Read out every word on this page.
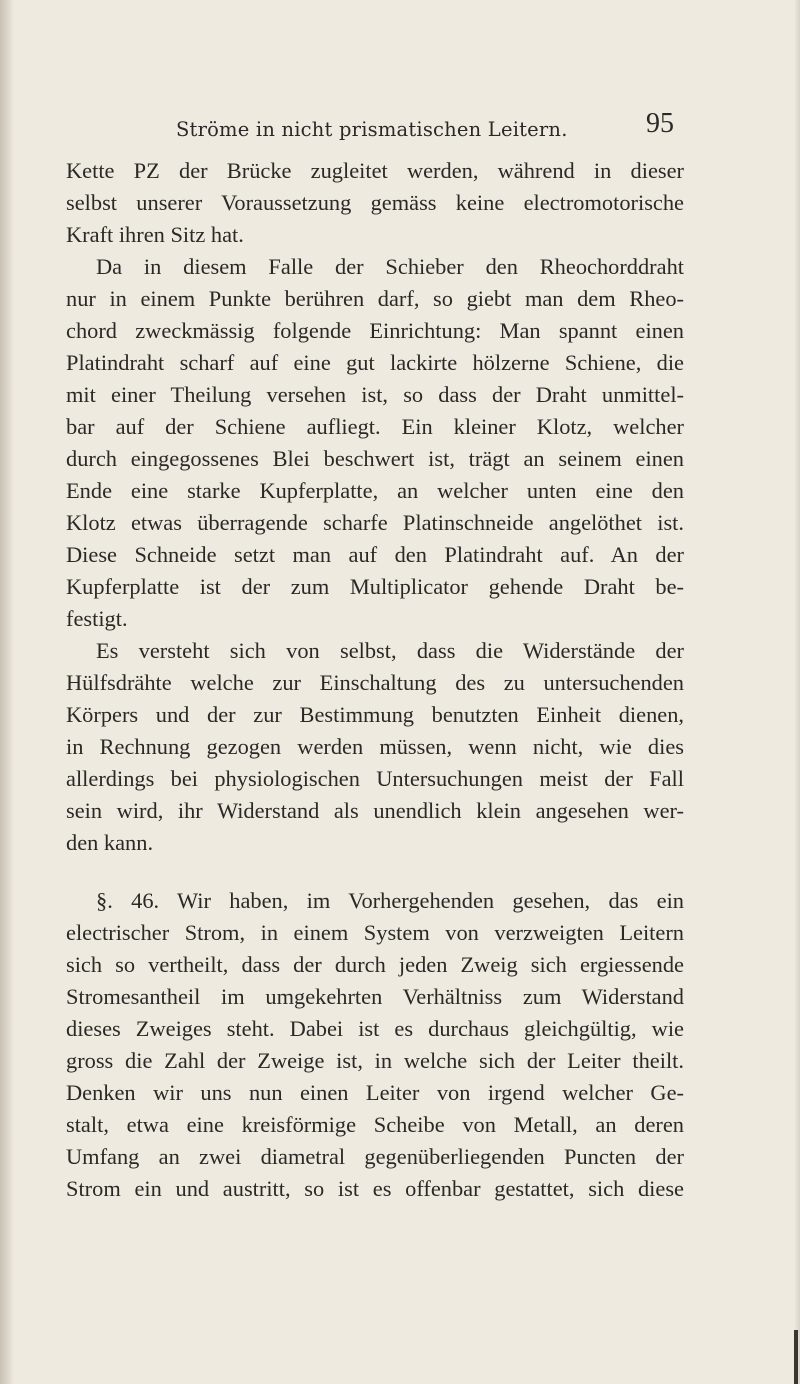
Ströme in nicht prismatischen Leitern.	95

Kette PZ der Brücke zugleitet werden, während in dieser
selbst unserer Voraussetzung gemäss keine electromotorische
Kraft ihren Sitz hat.

Da in diesem Falle der Schieber den Rheochorddraht
nur in einem Punkte berühren darf, so giebt man dem Rheo-
chord zweckmässig folgende Einrichtung: Man spannt einen
Platindraht scharf auf eine gut lackirte hölzerne Schiene, die
mit einer Theilung versehen ist, so dass der Draht unmittel-
bar auf der Schiene aufliegt. Ein kleiner Klotz, welcher
durch eingegossenes Blei beschwert ist, trägt an seinem einen
Ende eine starke Kupferplatte, an welcher unten eine den
Klotz etwas überragende scharfe Platinschneide angelöthet ist.
Diese Schneide setzt man auf den Platindraht auf. An der
Kupferplatte ist der zum Multiplicator gehende Draht be-
festigt.

Es versteht sich von selbst, dass die Widerstände der
Hülfsdrähte welche zur Einschaltung des zu untersuchenden
Körpers und der zur Bestimmung benutzten Einheit dienen,
in Rechnung gezogen werden müssen, wenn nicht, wie dies
allerdings bei physiologischen Untersuchungen meist der Fall
sein wird, ihr Widerstand als unendlich klein angesehen wer-
den kann.

§. 46. Wir haben, im Vorhergehenden gesehen, das ein
electrischer Strom, in einem System von verzweigten Leitern
sich so vertheilt, dass der durch jeden Zweig sich ergiessende
Stromesantheil im umgekehrten Verhältniss zum Widerstand
dieses Zweiges steht. Dabei ist es durchaus gleichgültig, wie
gross die Zahl der Zweige ist, in welche sich der Leiter theilt.
Denken wir uns nun einen Leiter von irgend welcher Ge-
stalt, etwa eine kreisförmige Scheibe von Metall, an deren
Umfang an zwei diametral gegenüberliegenden Puncten der
Strom ein und austritt, so ist es offenbar gestattet, sich diese
